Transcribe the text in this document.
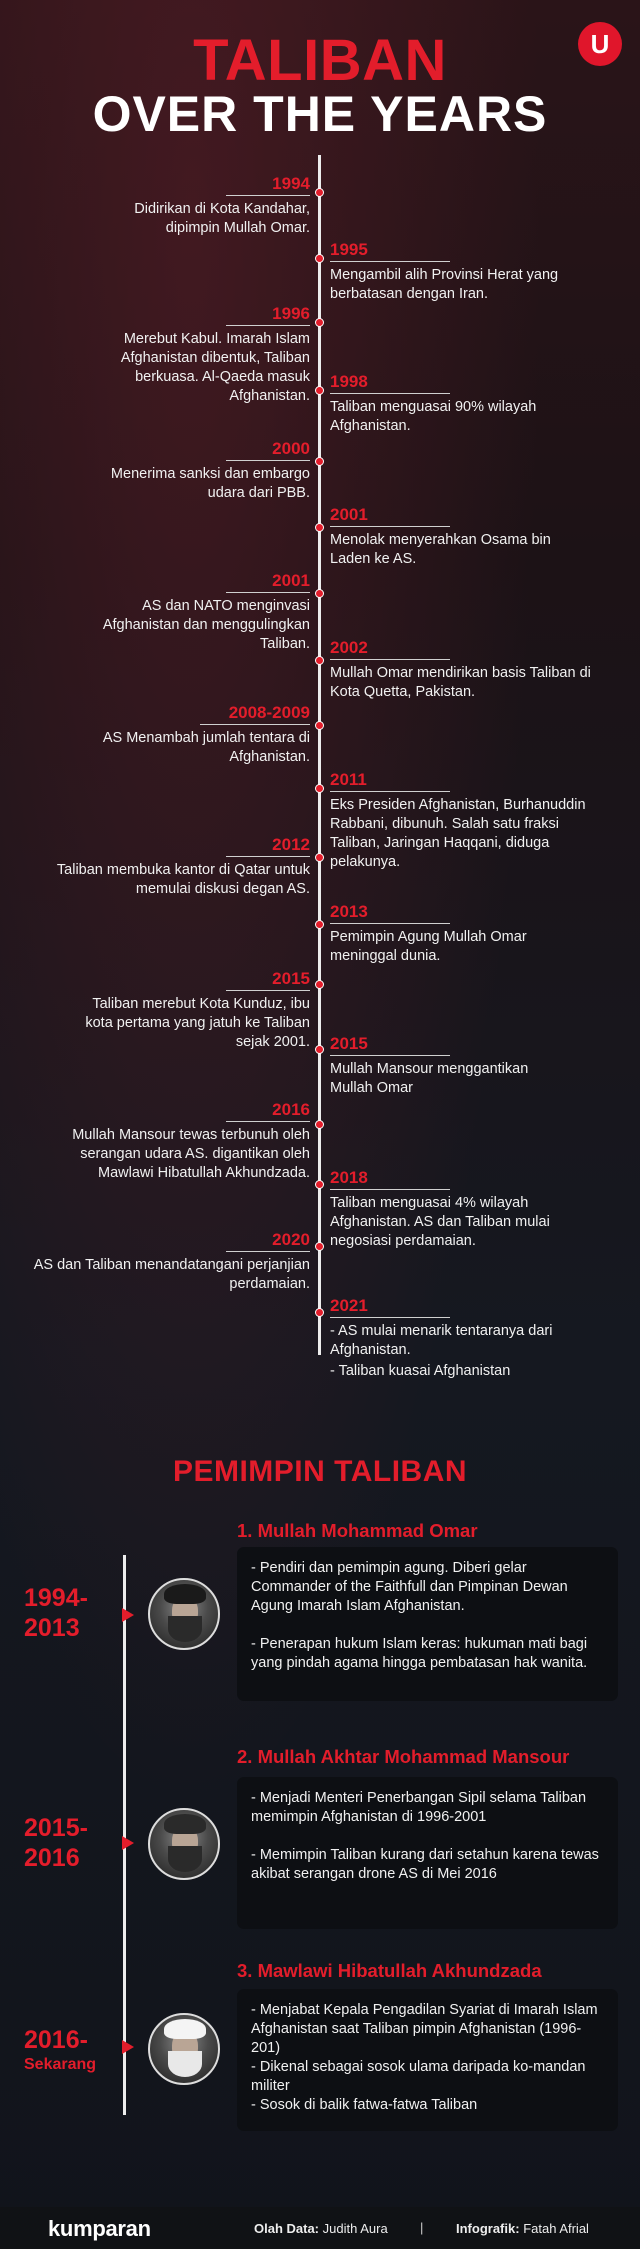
TALIBAN
OVER THE YEARS
U
1994
Didirikan di Kota Kandahar, dipimpin Mullah Omar.
1995
Mengambil alih Provinsi Herat yang berbatasan dengan Iran.
1996
Merebut Kabul. Imarah Islam Afghanistan dibentuk, Taliban berkuasa. Al-Qaeda masuk Afghanistan.
1998
Taliban menguasai 90% wilayah Afghanistan.
2000
Menerima sanksi dan embargo udara dari PBB.
2001
Menolak menyerahkan Osama bin Laden ke AS.
2001
AS dan NATO menginvasi Afghanistan dan menggulingkan Taliban. 2002
Mullah Omar mendirikan basis Taliban di Kota Quetta, Pakistan.
2008-2009
AS Menambah jumlah tentara di Afghanistan.
2011
Eks Presiden Afghanistan, Burhanuddin Rabbani, dibunuh. Salah satu fraksi Taliban, Jaringan Haqqani, diduga pelakunya.
2012
Taliban membuka kantor di Qatar untuk memulai diskusi degan AS.
2013
Pemimpin Agung Mullah Omar meninggal dunia.
2015
Taliban merebut Kota Kunduz, ibu kota pertama yang jatuh ke Taliban sejak 2001. 2015
Mullah Mansour menggantikan Mullah Omar
2016
Mullah Mansour tewas terbunuh oleh serangan udara AS. digantikan oleh Mawlawi Hibatullah Akhundzada. 2018
Taliban menguasai 4% wilayah Afghanistan. AS dan Taliban mulai negosiasi perdamaian.
2020
AS dan Taliban menandatangani perjanjian perdamaian.
2021
- AS mulai menarik tentaranya dari Afghanistan.
- Taliban kuasai Afghanistan
PEMIMPIN TALIBAN
1. Mullah Mohammad Omar
1994-
2013

- Pendiri dan pemimpin agung. Diberi gelar Commander of the Faithfull dan Pimpinan Dewan Agung Imarah Islam Afghanistan.

- Penerapan hukum Islam keras: hukuman mati bagi yang pindah agama hingga pembatasan hak wanita.

2. Mullah Akhtar Mohammad Mansour
2015-
2016

- Menjadi Menteri Penerbangan Sipil selama Taliban memimpin Afghanistan di 1996-2001

- Memimpin Taliban kurang dari setahun karena tewas akibat serangan drone AS di Mei 2016

3. Mawlawi Hibatullah Akhundzada
2016-
Sekarang

- Menjabat Kepala Pengadilan Syariat di Imarah Islam Afghanistan saat Taliban pimpin Afghanistan (1996-201)

- Dikenal sebagai sosok ulama daripada ko-mandan militer

- Sosok di balik fatwa-fatwa Taliban

kumparan	Olah Data: Judith Aura |	Infografik: Fatah Afrial
